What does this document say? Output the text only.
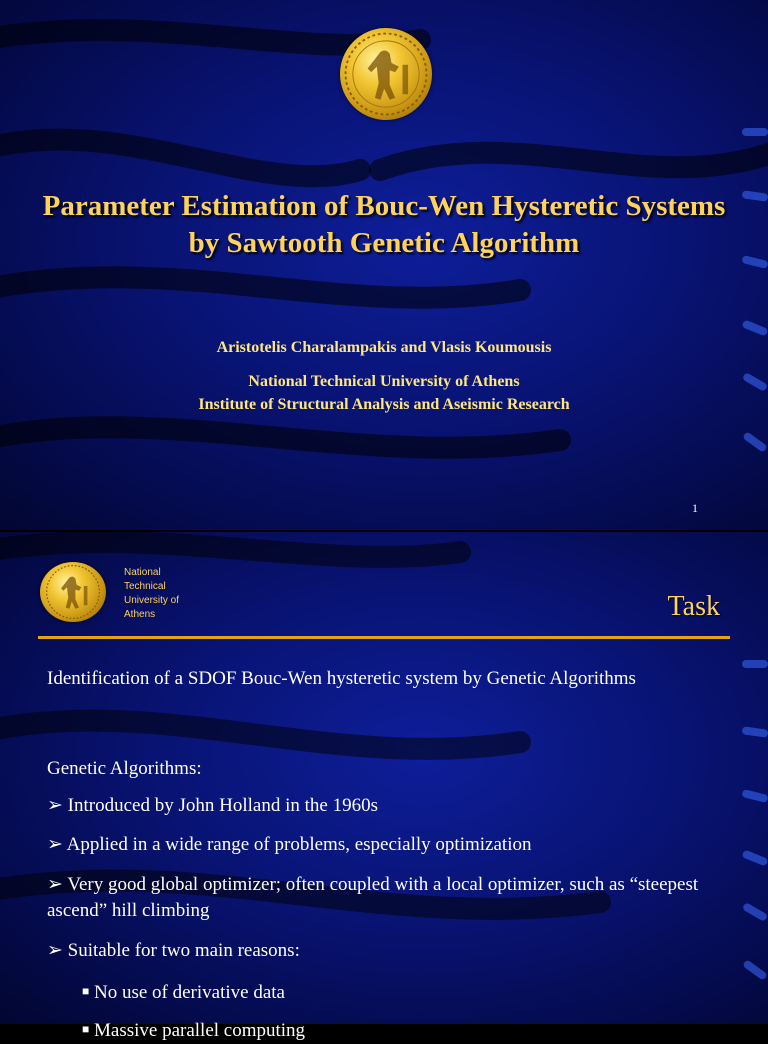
Parameter Estimation of Bouc-Wen Hysteretic Systems by Sawtooth Genetic Algorithm
Aristotelis Charalampakis and Vlasis Koumousis
National Technical University of Athens
Institute of Structural Analysis and Aseismic Research
1
National
Technical
University of
Athens	Task
Identification of a SDOF Bouc-Wen hysteretic system by Genetic Algorithms
Genetic Algorithms:
➢ Introduced by John Holland in the 1960s
➢ Applied in a wide range of problems, especially optimization
➢ Very good global optimizer; often coupled with a local optimizer, such as “steepest ascend” hill climbing
➢ Suitable for two main reasons:
■ No use of derivative data
■ Massive parallel computing
